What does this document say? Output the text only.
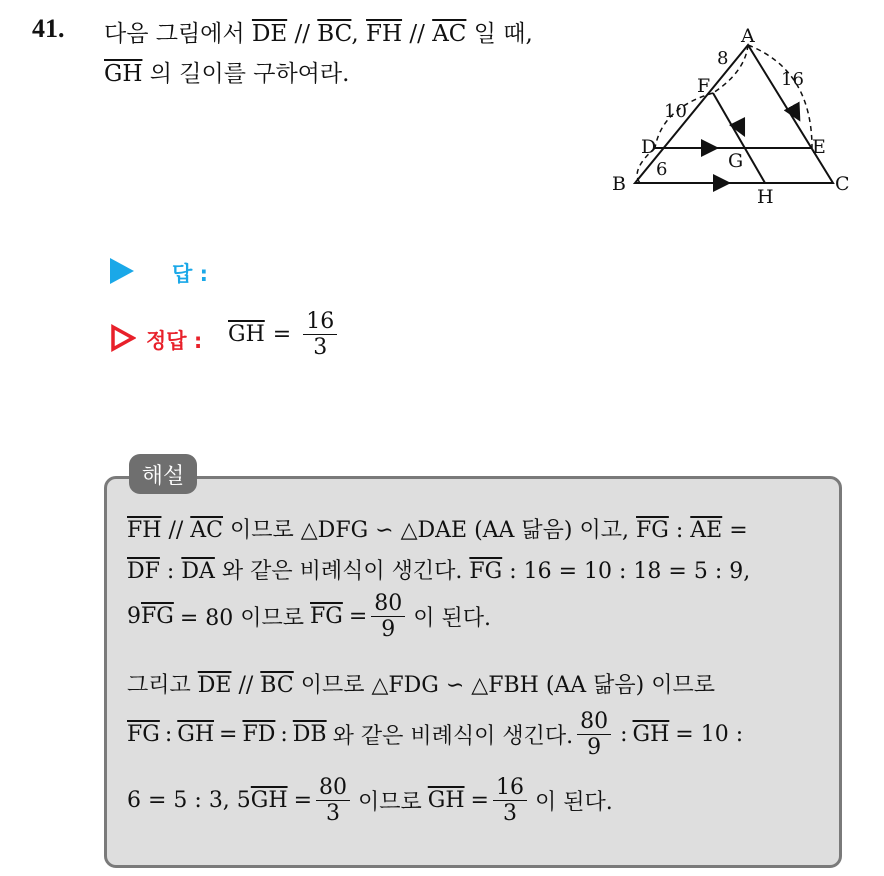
41. 다음 그림에서 $\overline{DE} // \overline{BC}$, $\overline{FH} // \overline{AC}$ 일 때,
$\overline{GH}$ 의 길이를 구하여라.
A
B	C
D	E
F
G
H
8
10
6
16
답 :
정답 : $\overline{GH} = \frac{16}{3}$
해설
$\overline{FH} // \overline{AC}$ 이므로 △DFG ∽ △DAE (AA 닮음) 이고, $\overline{FG}$ : $\overline{AE}$ =
$\overline{DF}$ : $\overline{DA}$ 와 같은 비례식이 생긴다. $\overline{FG}$ : 16 = 10 : 18 = 5 : 9,
9 $\overline{FG} = 80$ 이므로 $\overline{FG} = \frac{80}{9}$ 이 된다.
그리고 $\overline{DE} // \overline{BC}$ 이므로 △FDG ∽ △FBH (AA 닮음) 이므로
$\overline{FG}$ : $\overline{GH} = \overline{FD}$ : $\overline{DB}$ 와 같은 비례식이 생긴다. $\frac{80}{9}$ : $\overline{GH} = 10$ :
6 = 5 : 3, 5 $\overline{GH} = \frac{80}{3}$ 이므로 $\overline{GH} = \frac{16}{3}$ 이 된다.
